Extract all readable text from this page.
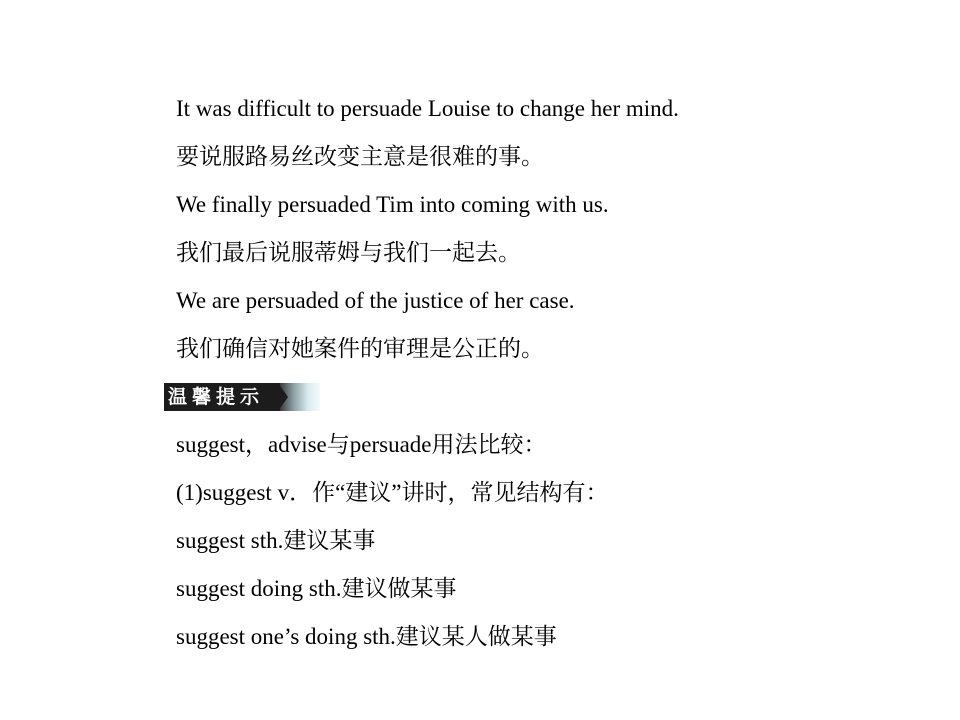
It was difficult to persuade Louise to change her mind.
要说服路易丝改变主意是很难的事。
We finally persuaded Tim into coming with us.
我们最后说服蒂姆与我们一起去。
We are persuaded of the justice of her case.
我们确信对她案件的审理是公正的。
温馨提示
suggest，advise与persuade用法比较：
(1)suggest v．作“建议”讲时，常见结构有：
suggest sth.建议某事
suggest doing sth.建议做某事
suggest one’s doing sth.建议某人做某事
